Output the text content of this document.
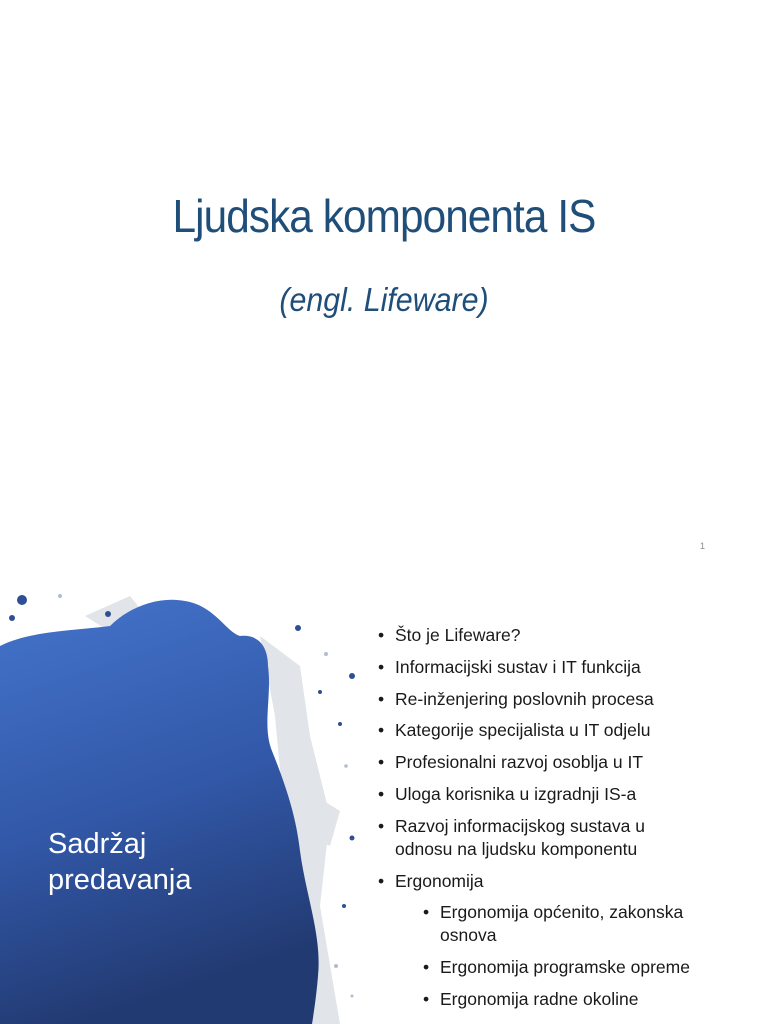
Ljudska komponenta IS
(engl. Lifeware)
1
Sadržaj
predavanja
• Što je Lifeware?
• Informacijski sustav i IT funkcija
• Re-inženjering poslovnih procesa
• Kategorije specijalista u IT odjelu
• Profesionalni razvoj osoblja u IT
• Uloga korisnika u izgradnji IS-a
• Razvoj informacijskog sustava u odnosu na ljudsku komponentu
• Ergonomija
• Ergonomija općenito, zakonska osnova
• Ergonomija programske opreme
• Ergonomija radne okoline
